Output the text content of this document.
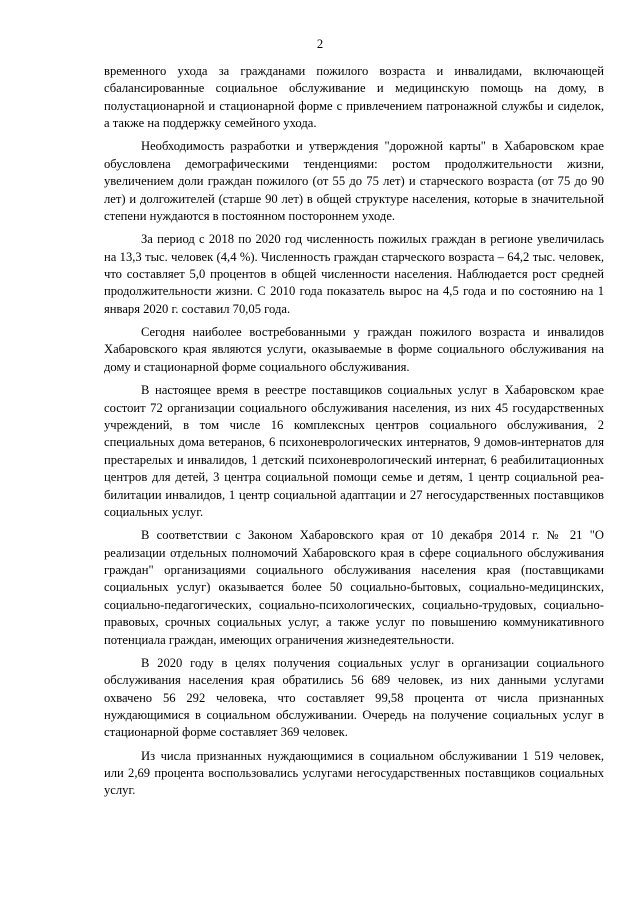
2

временного ухода за гражданами пожилого возраста и инвалидами, включающей сбалансированные социальное обслуживание и медицинскую помощь на дому, в полустационарной и стационарной форме с привлечением патронажной службы и сиделок, а также на поддержку семейного ухода.

Необходимость разработки и утверждения "дорожной карты" в Хабаровском крае обусловлена демографическими тенденциями: ростом продолжительности жизни, увеличением доли граждан пожилого (от 55 до 75 лет) и старческого возраста (от 75 до 90 лет) и долгожителей (старше 90 лет) в общей структуре населения, которые в значительной степени нуждаются в постоянном постороннем уходе.

За период с 2018 по 2020 год численность пожилых граждан в регионе увеличилась на 13,3 тыс. человек (4,4 %). Численность граждан старческого возраста – 64,2 тыс. человек, что составляет 5,0 процентов в общей численности населения. Наблюдается рост средней продолжительности жизни. С 2010 года показатель вырос на 4,5 года и по состоянию на 1 января 2020 г. составил 70,05 года.

Сегодня наиболее востребованными у граждан пожилого возраста и инвалидов Хабаровского края являются услуги, оказываемые в форме социального обслуживания на дому и стационарной форме социального обслуживания.

В настоящее время в реестре поставщиков социальных услуг в Хабаровском крае состоит 72 организации социального обслуживания населения, из них 45 государственных учреждений, в том числе 16 комплексных центров социального обслуживания, 2 специальных дома ветеранов, 6 психоневрологических интернатов, 9 домов-интернатов для престарелых и инвалидов, 1 детский психоневрологический интернат, 6 реабилитационных центров для детей, 3 центра социальной помощи семье и детям, 1 центр социальной реабилитации инвалидов, 1 центр социальной адаптации и 27 негосударственных поставщиков социальных услуг.

В соответствии с Законом Хабаровского края от 10 декабря 2014 г. № 21 "О реализации отдельных полномочий Хабаровского края в сфере социального обслуживания граждан" организациями социального обслуживания населения края (поставщиками социальных услуг) оказывается более 50 социально-бытовых, социально-медицинских, социально-педагогических, социально-психологических, социально-трудовых, социально-правовых, срочных социальных услуг, а также услуг по повышению коммуникативного потенциала граждан, имеющих ограничения жизнедеятельности.

В 2020 году в целях получения социальных услуг в организации социального обслуживания населения края обратились 56 689 человек, из них данными услугами охвачено 56 292 человека, что составляет 99,58 процента от числа признанных нуждающимися в социальном обслуживании. Очередь на получение социальных услуг в стационарной форме составляет 369 человек.

Из числа признанных нуждающимися в социальном обслуживании 1 519 человек, или 2,69 процента воспользовались услугами негосударственных поставщиков социальных услуг.
